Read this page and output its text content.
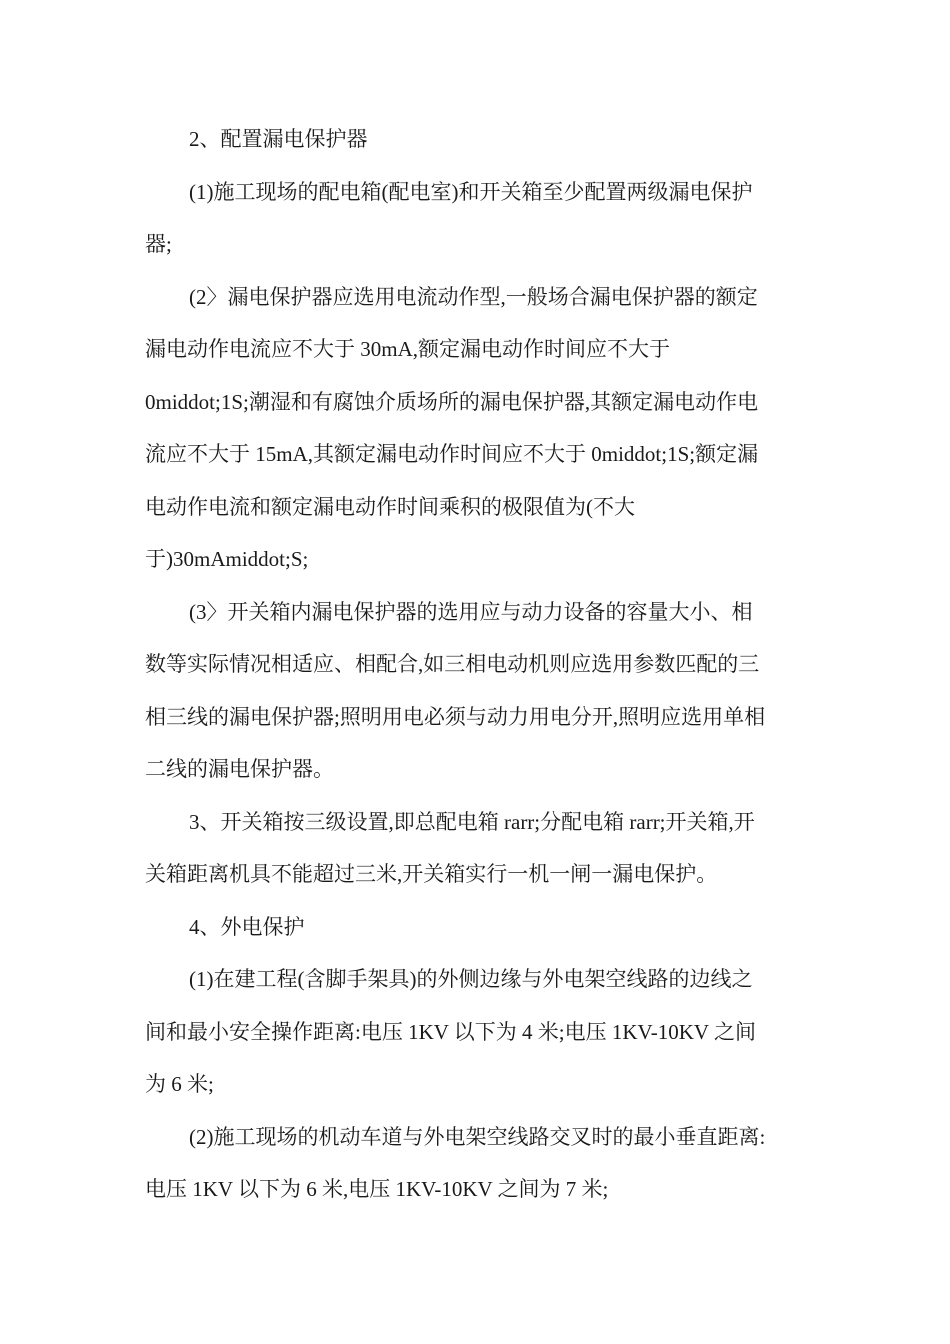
2、配置漏电保护器
(1)施工现场的配电箱(配电室)和开关箱至少配置两级漏电保护
器;
(2〉漏电保护器应选用电流动作型,一般场合漏电保护器的额定
漏电动作电流应不大于 30mA,额定漏电动作时间应不大于
0middot;1S;潮湿和有腐蚀介质场所的漏电保护器,其额定漏电动作电
流应不大于 15mA,其额定漏电动作时间应不大于 0middot;1S;额定漏
电动作电流和额定漏电动作时间乘积的极限值为(不大
于)30mAmiddot;S;
(3〉开关箱内漏电保护器的选用应与动力设备的容量大小、相
数等实际情况相适应、相配合,如三相电动机则应选用参数匹配的三
相三线的漏电保护器;照明用电必须与动力用电分开,照明应选用单相
二线的漏电保护器。
3、开关箱按三级设置,即总配电箱 rarr;分配电箱 rarr;开关箱,开
关箱距离机具不能超过三米,开关箱实行一机一闸一漏电保护。
4、外电保护
(1)在建工程(含脚手架具)的外侧边缘与外电架空线路的边线之
间和最小安全操作距离:电压 1KV 以下为 4 米;电压 1KV-10KV 之间
为 6 米;
(2)施工现场的机动车道与外电架空线路交叉时的最小垂直距离:
电压 1KV 以下为 6 米,电压 1KV-10KV 之间为 7 米;
